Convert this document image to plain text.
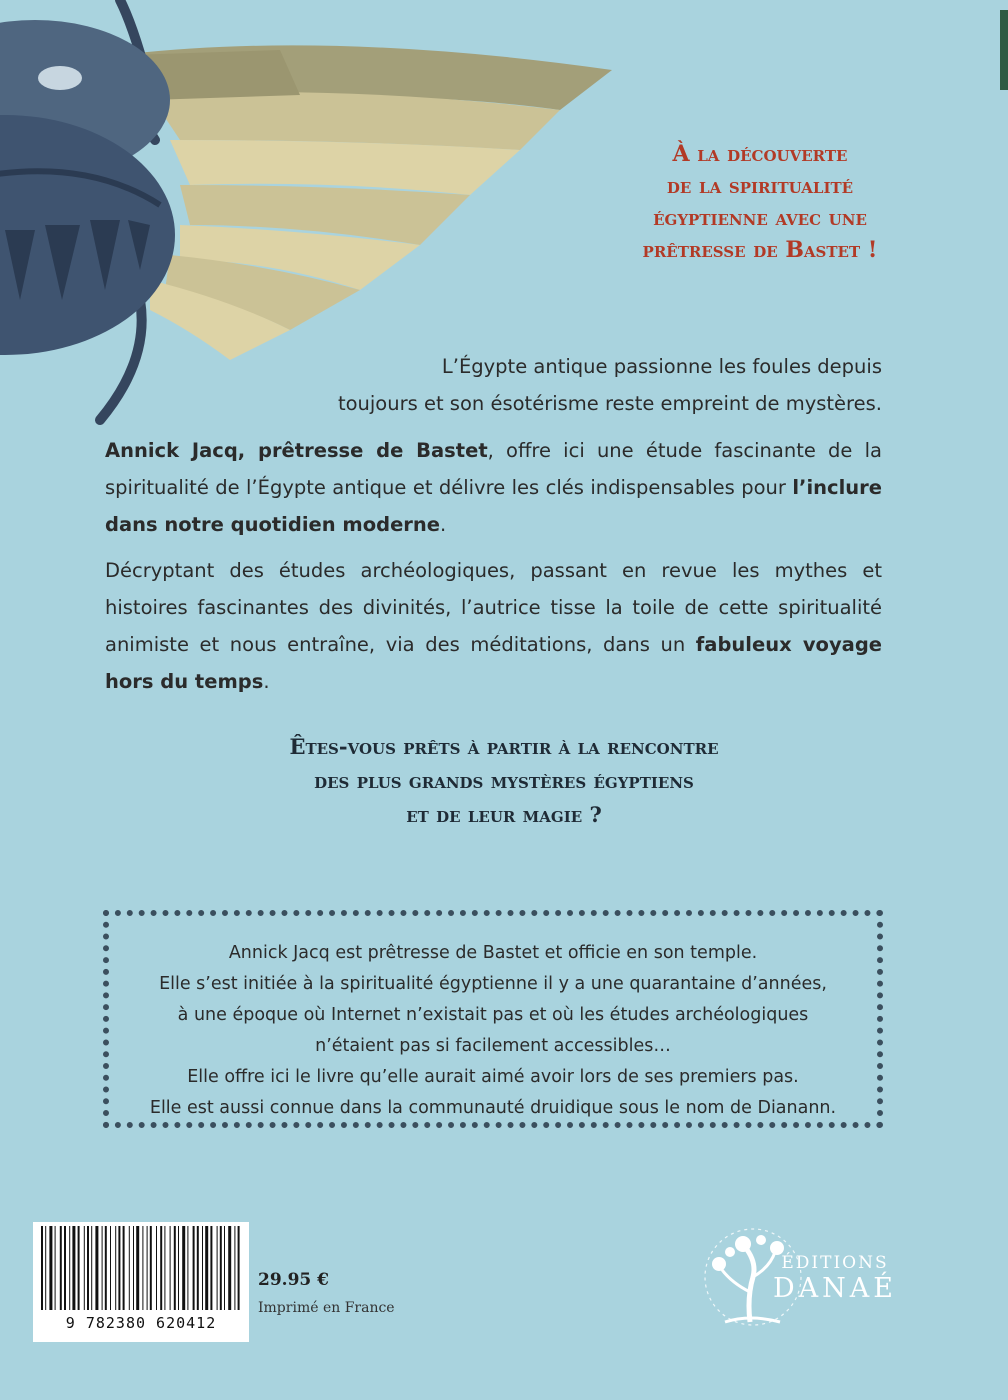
À la découverte
de la spiritualité
égyptienne avec une
prêtresse de Bastet !
L’Égypte antique passionne les foules depuis
toujours et son ésotérisme reste empreint de mystères.
Annick Jacq, prêtresse de Bastet, offre ici une étude fascinante de la spiritualité de l’Égypte antique et délivre les clés indispensables pour l’inclure dans notre quotidien moderne.
Décryptant des études archéologiques, passant en revue les mythes et histoires fascinantes des divinités, l’autrice tisse la toile de cette spiritualité animiste et nous entraîne, via des méditations, dans un fabuleux voyage hors du temps.
Êtes-vous prêts à partir à la rencontre
des plus grands mystères égyptiens
et de leur magie ?
Annick Jacq est prêtresse de Bastet et officie en son temple.
Elle s’est initiée à la spiritualité égyptienne il y a une quarantaine d’années,
à une époque où Internet n’existait pas et où les études archéologiques
n’étaient pas si facilement accessibles…
Elle offre ici le livre qu’elle aurait aimé avoir lors de ses premiers pas.
Elle est aussi connue dans la communauté druidique sous le nom de Dianann.
9 782380 620412
29.95 €
Imprimé en France
ÉDITIONS
DANAÉ
